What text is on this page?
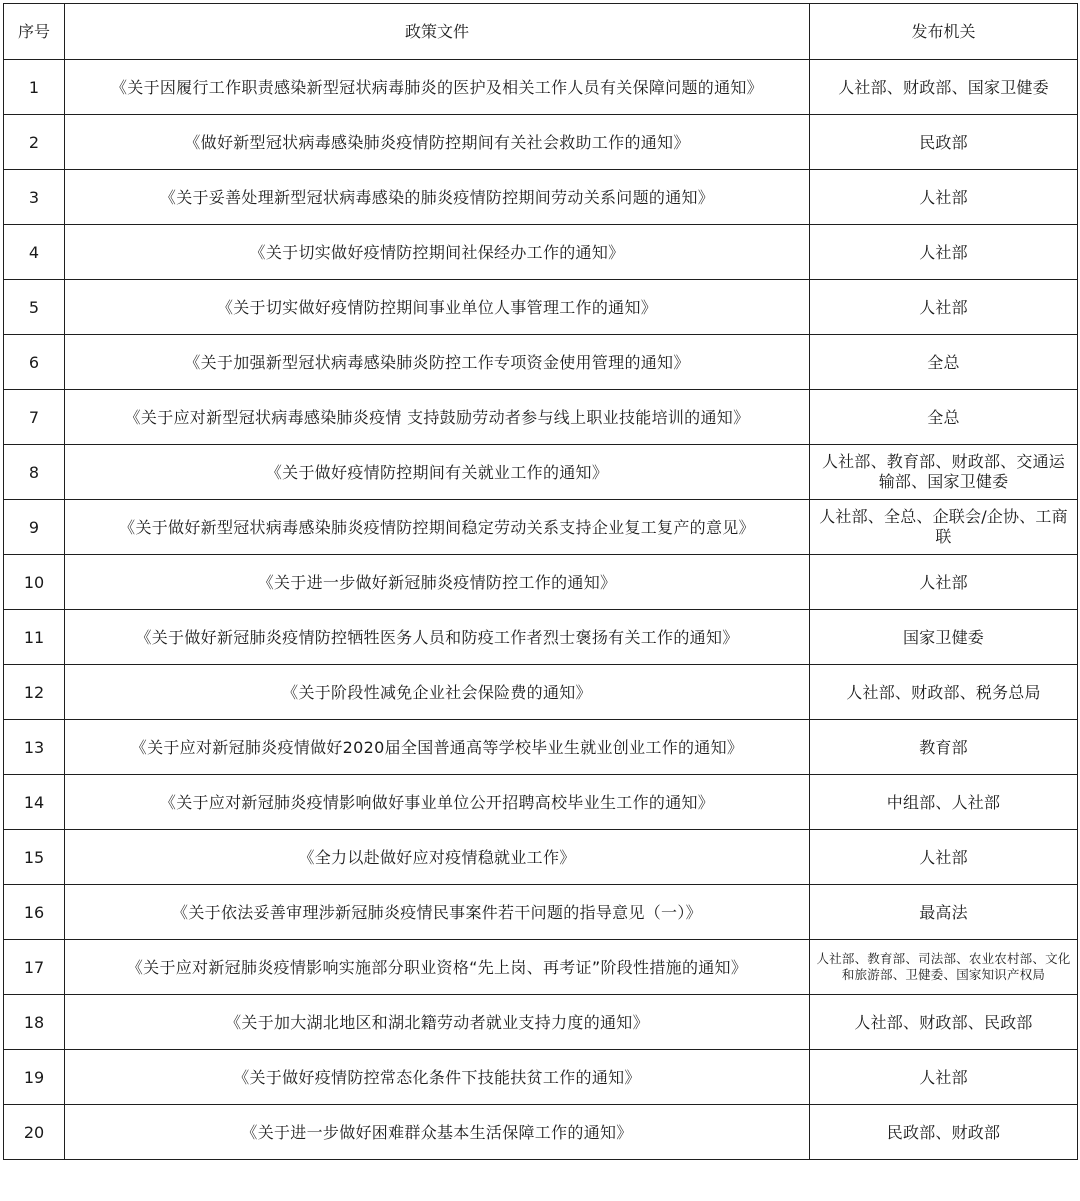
序号	政策文件	发布机关
1	《关于因履行工作职责感染新型冠状病毒肺炎的医护及相关工作人员有关保障问题的通知》	人社部、财政部、国家卫健委
2	《做好新型冠状病毒感染肺炎疫情防控期间有关社会救助工作的通知》	民政部
3	《关于妥善处理新型冠状病毒感染的肺炎疫情防控期间劳动关系问题的通知》	人社部
4	《关于切实做好疫情防控期间社保经办工作的通知》	人社部
5	《关于切实做好疫情防控期间事业单位人事管理工作的通知》	人社部
6	《关于加强新型冠状病毒感染肺炎防控工作专项资金使用管理的通知》	全总
7	《关于应对新型冠状病毒感染肺炎疫情 支持鼓励劳动者参与线上职业技能培训的通知》	全总
8	《关于做好疫情防控期间有关就业工作的通知》	人社部、教育部、财政部、交通运输部、国家卫健委
9	《关于做好新型冠状病毒感染肺炎疫情防控期间稳定劳动关系支持企业复工复产的意见》	人社部、全总、企联会/企协、工商联
10	《关于进一步做好新冠肺炎疫情防控工作的通知》	人社部
11	《关于做好新冠肺炎疫情防控牺牲医务人员和防疫工作者烈士褒扬有关工作的通知》	国家卫健委
12	《关于阶段性减免企业社会保险费的通知》	人社部、财政部、税务总局
13	《关于应对新冠肺炎疫情做好2020届全国普通高等学校毕业生就业创业工作的通知》	教育部
14	《关于应对新冠肺炎疫情影响做好事业单位公开招聘高校毕业生工作的通知》	中组部、人社部
15	《全力以赴做好应对疫情稳就业工作》	人社部
16	《关于依法妥善审理涉新冠肺炎疫情民事案件若干问题的指导意见（一）》	最高法
17	《关于应对新冠肺炎疫情影响实施部分职业资格“先上岗、再考证”阶段性措施的通知》	人社部、教育部、司法部、农业农村部、文化和旅游部、卫健委、国家知识产权局
18	《关于加大湖北地区和湖北籍劳动者就业支持力度的通知》	人社部、财政部、民政部
19	《关于做好疫情防控常态化条件下技能扶贫工作的通知》	人社部
20	《关于进一步做好困难群众基本生活保障工作的通知》	民政部、财政部
